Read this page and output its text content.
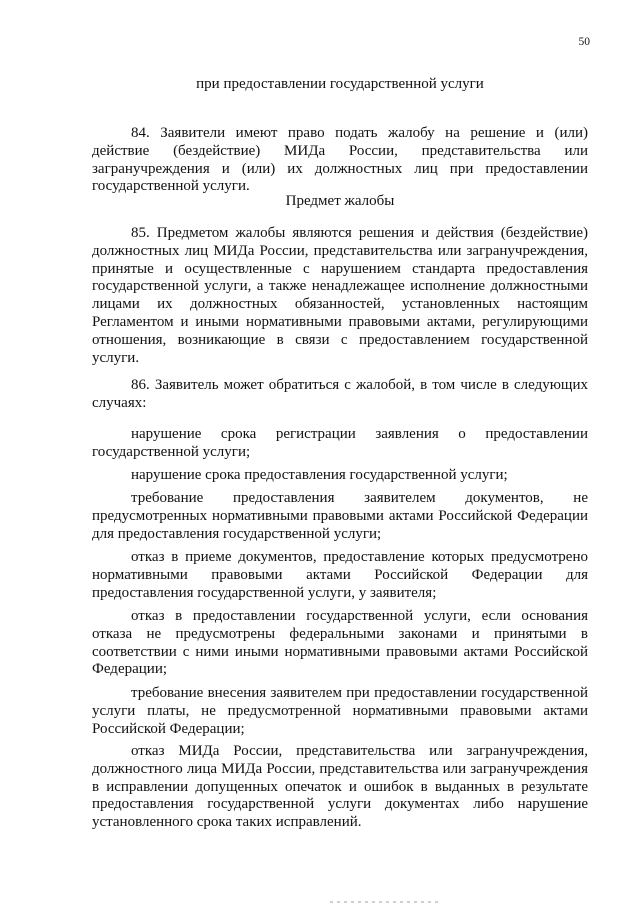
50

при предоставлении государственной услуги

84. Заявители имеют право подать жалобу на решение и (или) действие (бездействие) МИДа России, представительства или загранучреждения и (или) их должностных лиц при предоставлении государственной услуги.

Предмет жалобы

85. Предметом жалобы являются решения и действия (бездействие) должностных лиц МИДа России, представительства или загранучреждения, принятые и осуществленные с нарушением стандарта предоставления государственной услуги, а также ненадлежащее исполнение должностными лицами их должностных обязанностей, установленных настоящим Регламентом и иными нормативными правовыми актами, регулирующими отношения, возникающие в связи с предоставлением государственной услуги.

86. Заявитель может обратиться с жалобой, в том числе в следующих случаях:

нарушение срока регистрации заявления о предоставлении государственной услуги;

нарушение срока предоставления государственной услуги;

требование предоставления заявителем документов, не предусмотренных нормативными правовыми актами Российской Федерации для предоставления государственной услуги;

отказ в приеме документов, предоставление которых предусмотрено нормативными правовыми актами Российской Федерации для предоставления государственной услуги, у заявителя;

отказ в предоставлении государственной услуги, если основания отказа не предусмотрены федеральными законами и принятыми в соответствии с ними иными нормативными правовыми актами Российской Федерации;

требование внесения заявителем при предоставлении государственной услуги платы, не предусмотренной нормативными правовыми актами Российской Федерации;

отказ МИДа России, представительства или загранучреждения, должностного лица МИДа России, представительства или загранучреждения в исправлении допущенных опечаток и ошибок в выданных в результате предоставления государственной услуги документах либо нарушение установленного срока таких исправлений.
